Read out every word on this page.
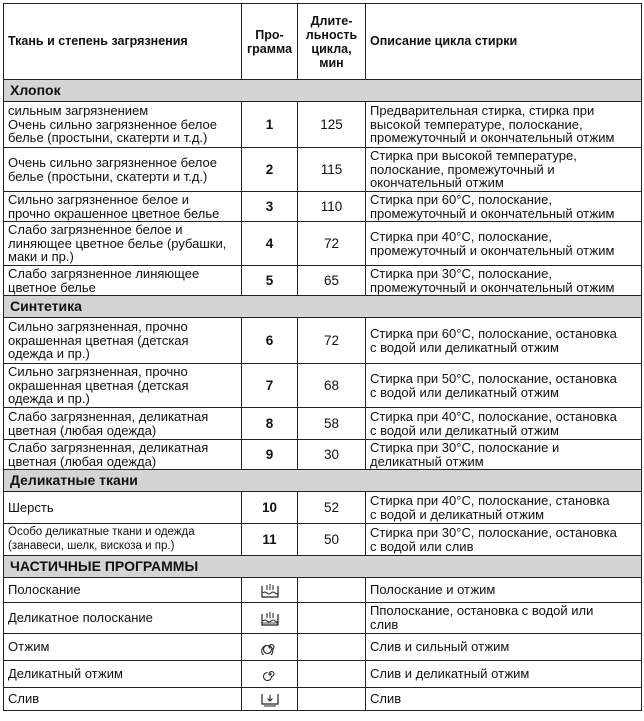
Ткань и степень загрязнения	Про-
грамма	Длите-
льность
цикла,
мин	Описание цикла стирки
Хлопок			
сильным загрязнением
Очень сильно загрязненное белое
белье (простыни, скатерти и т.д.)	1	125	Предварительная стирка, стирка при
высокой температуре, полоскание,
промежуточный и окончательный отжим
Очень сильно загрязненное белое
белье (простыни, скатерти и т.д.)	2	115	Стирка при высокой температуре,
полоскание, промежуточный и
окончательный отжим
Сильно загрязненное белое и
прочно окрашенное цветное белье	3	110	Стирка при 60°С, полоскание,
промежуточный и окончательный отжим
Слабо загрязненное белое и
линяющее цветное белье (рубашки,
маки и пр.)	4	72	Стирка при 40°С, полоскание,
промежуточный и окончательный отжим
Слабо загрязненное линяющее
цветное белье	5	65	Стирка при 30°С, полоскание,
промежуточный и окончательный отжим
Синтетика			
Сильно загрязненная, прочно
окрашенная цветная (детская
одежда и пр.)	6	72	Стирка при 60°С, полоскание, остановка
с водой или деликатный отжим
Сильно загрязненная, прочно
окрашенная цветная (детская
одежда и пр.)	7	68	Стирка при 50°С, полоскание, остановка
с водой или деликатный отжим
Слабо загрязненная, деликатная
цветная (любая одежда)	8	58	Стирка при 40°С, полоскание, остановка
с водой или деликатный отжим
Слабо загрязненная, деликатная
цветная (любая одежда)	9	30	Стирка при 30°С, полоскание и
деликатный отжим
Деликатные ткани			
Шерсть	10	52	Стирка при 40°С, полоскание, становка
с водой и деликатный отжим
Особо деликатные ткани и одежда
(занавеси, шелк, вискоза и пр.)	11	50	Стирка при 30°С, полоскание, остановка
с водой или слив
ЧАСТИЧНЫЕ ПРОГРАММЫ			
Полоскание			Полоскание и отжим
Деликатное полоскание			Пполоскание, остановка с водой или
слив
Отжим			Слив и сильный отжим
Деликатный отжим			Слив и деликатный отжим
Слив			Слив
